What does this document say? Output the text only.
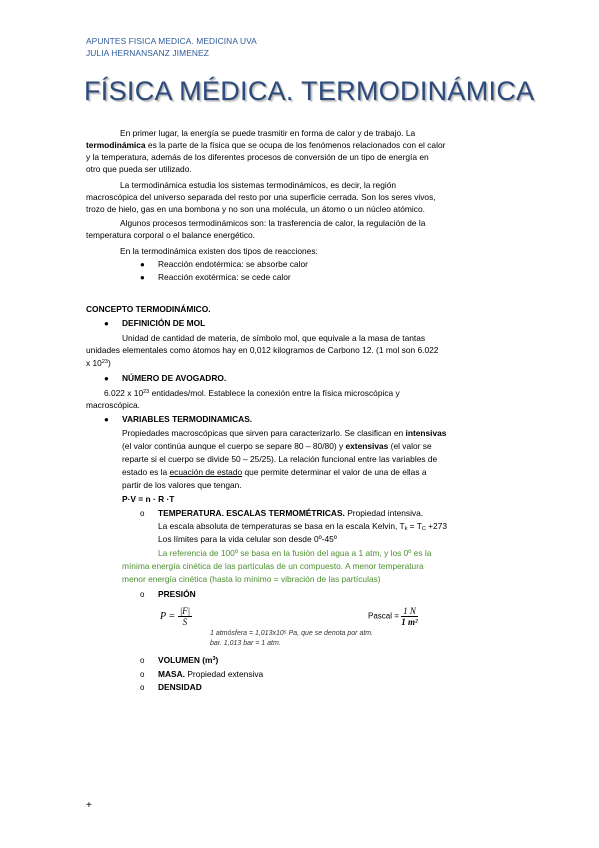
APUNTES FISICA MEDICA. MEDICINA UVA
JULIA HERNANSANZ JIMENEZ
FÍSICA MÉDICA. TERMODINÁMICA
En primer lugar, la energía se puede trasmitir en forma de calor y de trabajo. La
termodinámica es la parte de la física que se ocupa de los fenómenos relacionados con el calor
y la temperatura, además de los diferentes procesos de conversión de un tipo de energía en
otro que pueda ser utilizado.
La termodinámica estudia los sistemas termodinámicos, es decir, la región
macroscópica del universo separada del resto por una superficie cerrada. Son los seres vivos,
trozo de hielo, gas en una bombona y no son una molécula, un átomo o un núcleo atómico.
Algunos procesos termodinámicos son: la trasferencia de calor, la regulación de la
temperatura corporal o el balance energético.
En la termodinámica existen dos tipos de reacciones:
● Reacción endotérmica: se absorbe calor
● Reacción exotérmica: se cede calor
CONCEPTO TERMODINÁMICO.
● DEFINICIÓN DE MOL
Unidad de cantidad de materia, de símbolo mol, que equivale a la masa de tantas
unidades elementales como átomos hay en 0,012 kilogramos de Carbono 12. (1 mol son 6.022
x $10^{23}$)
● NÚMERO DE AVOGADRO.
6.022 x $10^{23}$ entidades/mol. Establece la conexión entre la física microscópica y
macroscópica.
● VARIABLES TERMODINAMICAS.
Propiedades macroscópicas que sirven para caracterizarlo. Se clasifican en intensivas
(el valor continúa aunque el cuerpo se separe 80 – 80/80) y extensivas (el valor se
reparte si el cuerpo se divide 50 – 25/25). La relación funcional entre las variables de
estado es la ecuación de estado que permite determinar el valor de una de ellas a
partir de los valores que tengan.
P·V = n · R ·T
o TEMPERATURA. ESCALAS TERMOMÉTRICAS. Propiedad intensiva.
La escala absoluta de temperaturas se basa en la escala Kelvin, $T_k = T_C +273$
Los límites para la vida celular son desde 0º-45º
La referencia de 100º se basa en la fusión del agua a 1 atm, y los 0º es la
mínima energía cinética de las partículas de un compuesto. A menor temperatura
menor energía cinética (hasta lo mínimo = vibración de las partículas)
o PRESIÓN
$P = \frac{|F|}{S}$	Pascal = $\frac{1 N}{\text{1 m²}}$
1 atmósfera = 1,013x10⁵ Pa, que se denota por atm.
bar. 1,013 bar = 1 atm.
o VOLUMEN $(m^3)$
o MASA. Propiedad extensiva
o DENSIDAD
+
